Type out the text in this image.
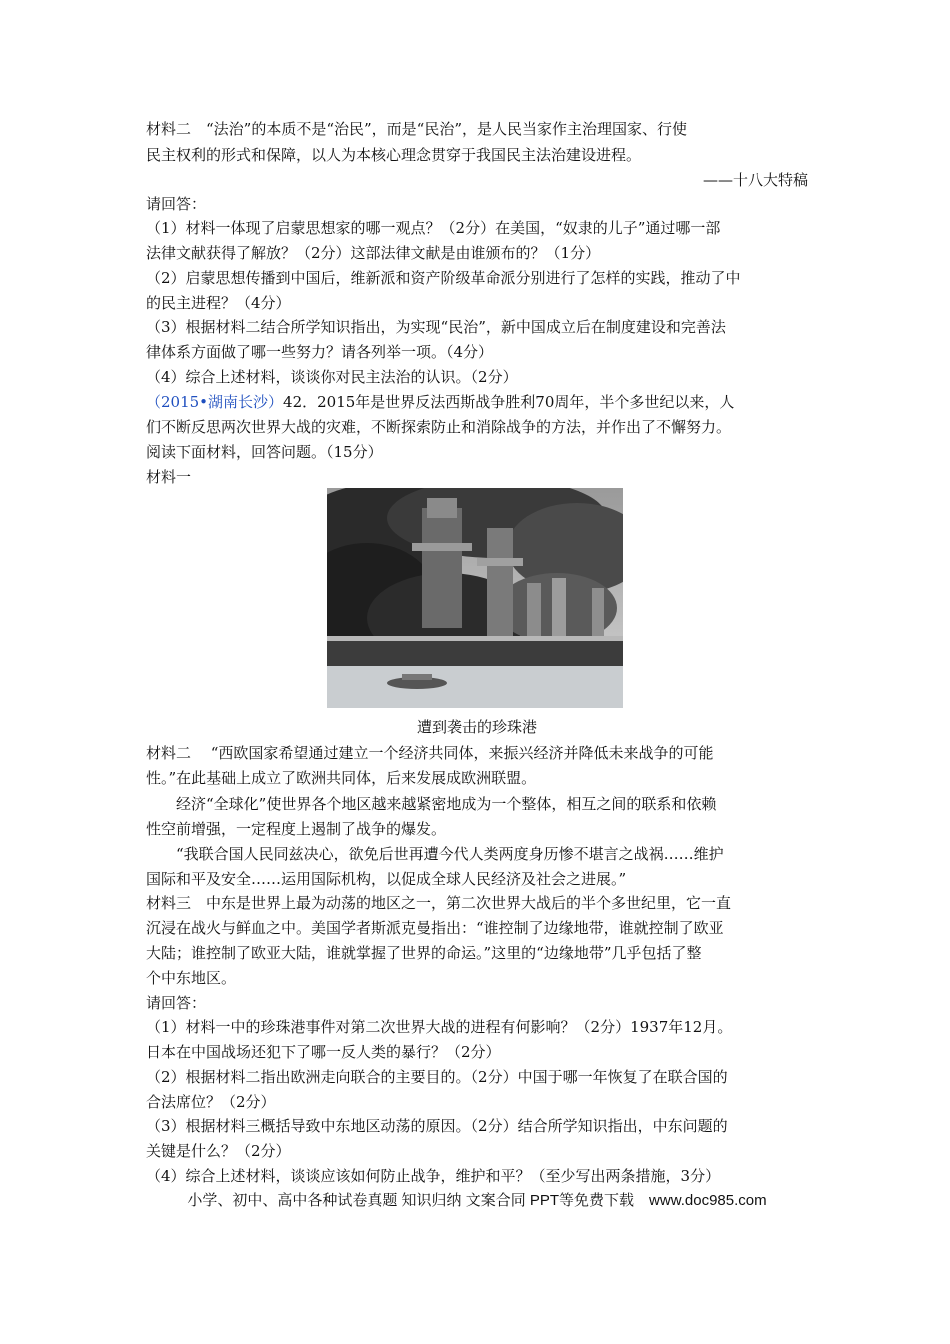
材料二　“法治”的本质不是“治民”，而是“民治”，是人民当家作主治理国家、行使
民主权利的形式和保障，以人为本核心理念贯穿于我国民主法治建设进程。
——十八大特稿
请回答：
（1）材料一体现了启蒙思想家的哪一观点？（2分）在美国，“奴隶的儿子”通过哪一部
法律文献获得了解放？（2分）这部法律文献是由谁颁布的？（1分）
（2）启蒙思想传播到中国后，维新派和资产阶级革命派分别进行了怎样的实践，推动了中
的民主进程？（4分）
（3）根据材料二结合所学知识指出，为实现“民治”，新中国成立后在制度建设和完善法
律体系方面做了哪一些努力？请各列举一项。（4分）
（4）综合上述材料，谈谈你对民主法治的认识。（2分）
（2015•湖南长沙）42．2015年是世界反法西斯战争胜利70周年，半个多世纪以来，人
们不断反思两次世界大战的灾难，不断探索防止和消除战争的方法，并作出了不懈努力。
阅读下面材料，回答问题。（15分）
材料一
遭到袭击的珍珠港
材料二　 “西欧国家希望通过建立一个经济共同体，来振兴经济并降低未来战争的可能
性。”在此基础上成立了欧洲共同体，后来发展成欧洲联盟。
经济“全球化”使世界各个地区越来越紧密地成为一个整体，相互之间的联系和依赖
性空前增强，一定程度上遏制了战争的爆发。
“我联合国人民同兹决心，欲免后世再遭今代人类两度身历惨不堪言之战祸……维护
国际和平及安全……运用国际机构，以促成全球人民经济及社会之进展。”
材料三　中东是世界上最为动荡的地区之一，第二次世界大战后的半个多世纪里，它一直
沉浸在战火与鲜血之中。美国学者斯派克曼指出：“谁控制了边缘地带，谁就控制了欧亚
大陆；谁控制了欧亚大陆，谁就掌握了世界的命运。”这里的“边缘地带”几乎包括了整
个中东地区。
请回答：
（1）材料一中的珍珠港事件对第二次世界大战的进程有何影响？（2分）1937年12月。
日本在中国战场还犯下了哪一反人类的暴行？（2分）
（2）根据材料二指出欧洲走向联合的主要目的。（2分）中国于哪一年恢复了在联合国的
合法席位？（2分）
（3）根据材料三概括导致中东地区动荡的原因。（2分）结合所学知识指出，中东问题的
关键是什么？（2分）
（4）综合上述材料，谈谈应该如何防止战争，维护和平？（至少写出两条措施，3分）
小学、初中、高中各种试卷真题 知识归纳 文案合同 PPT等免费下载　www.doc985.com
